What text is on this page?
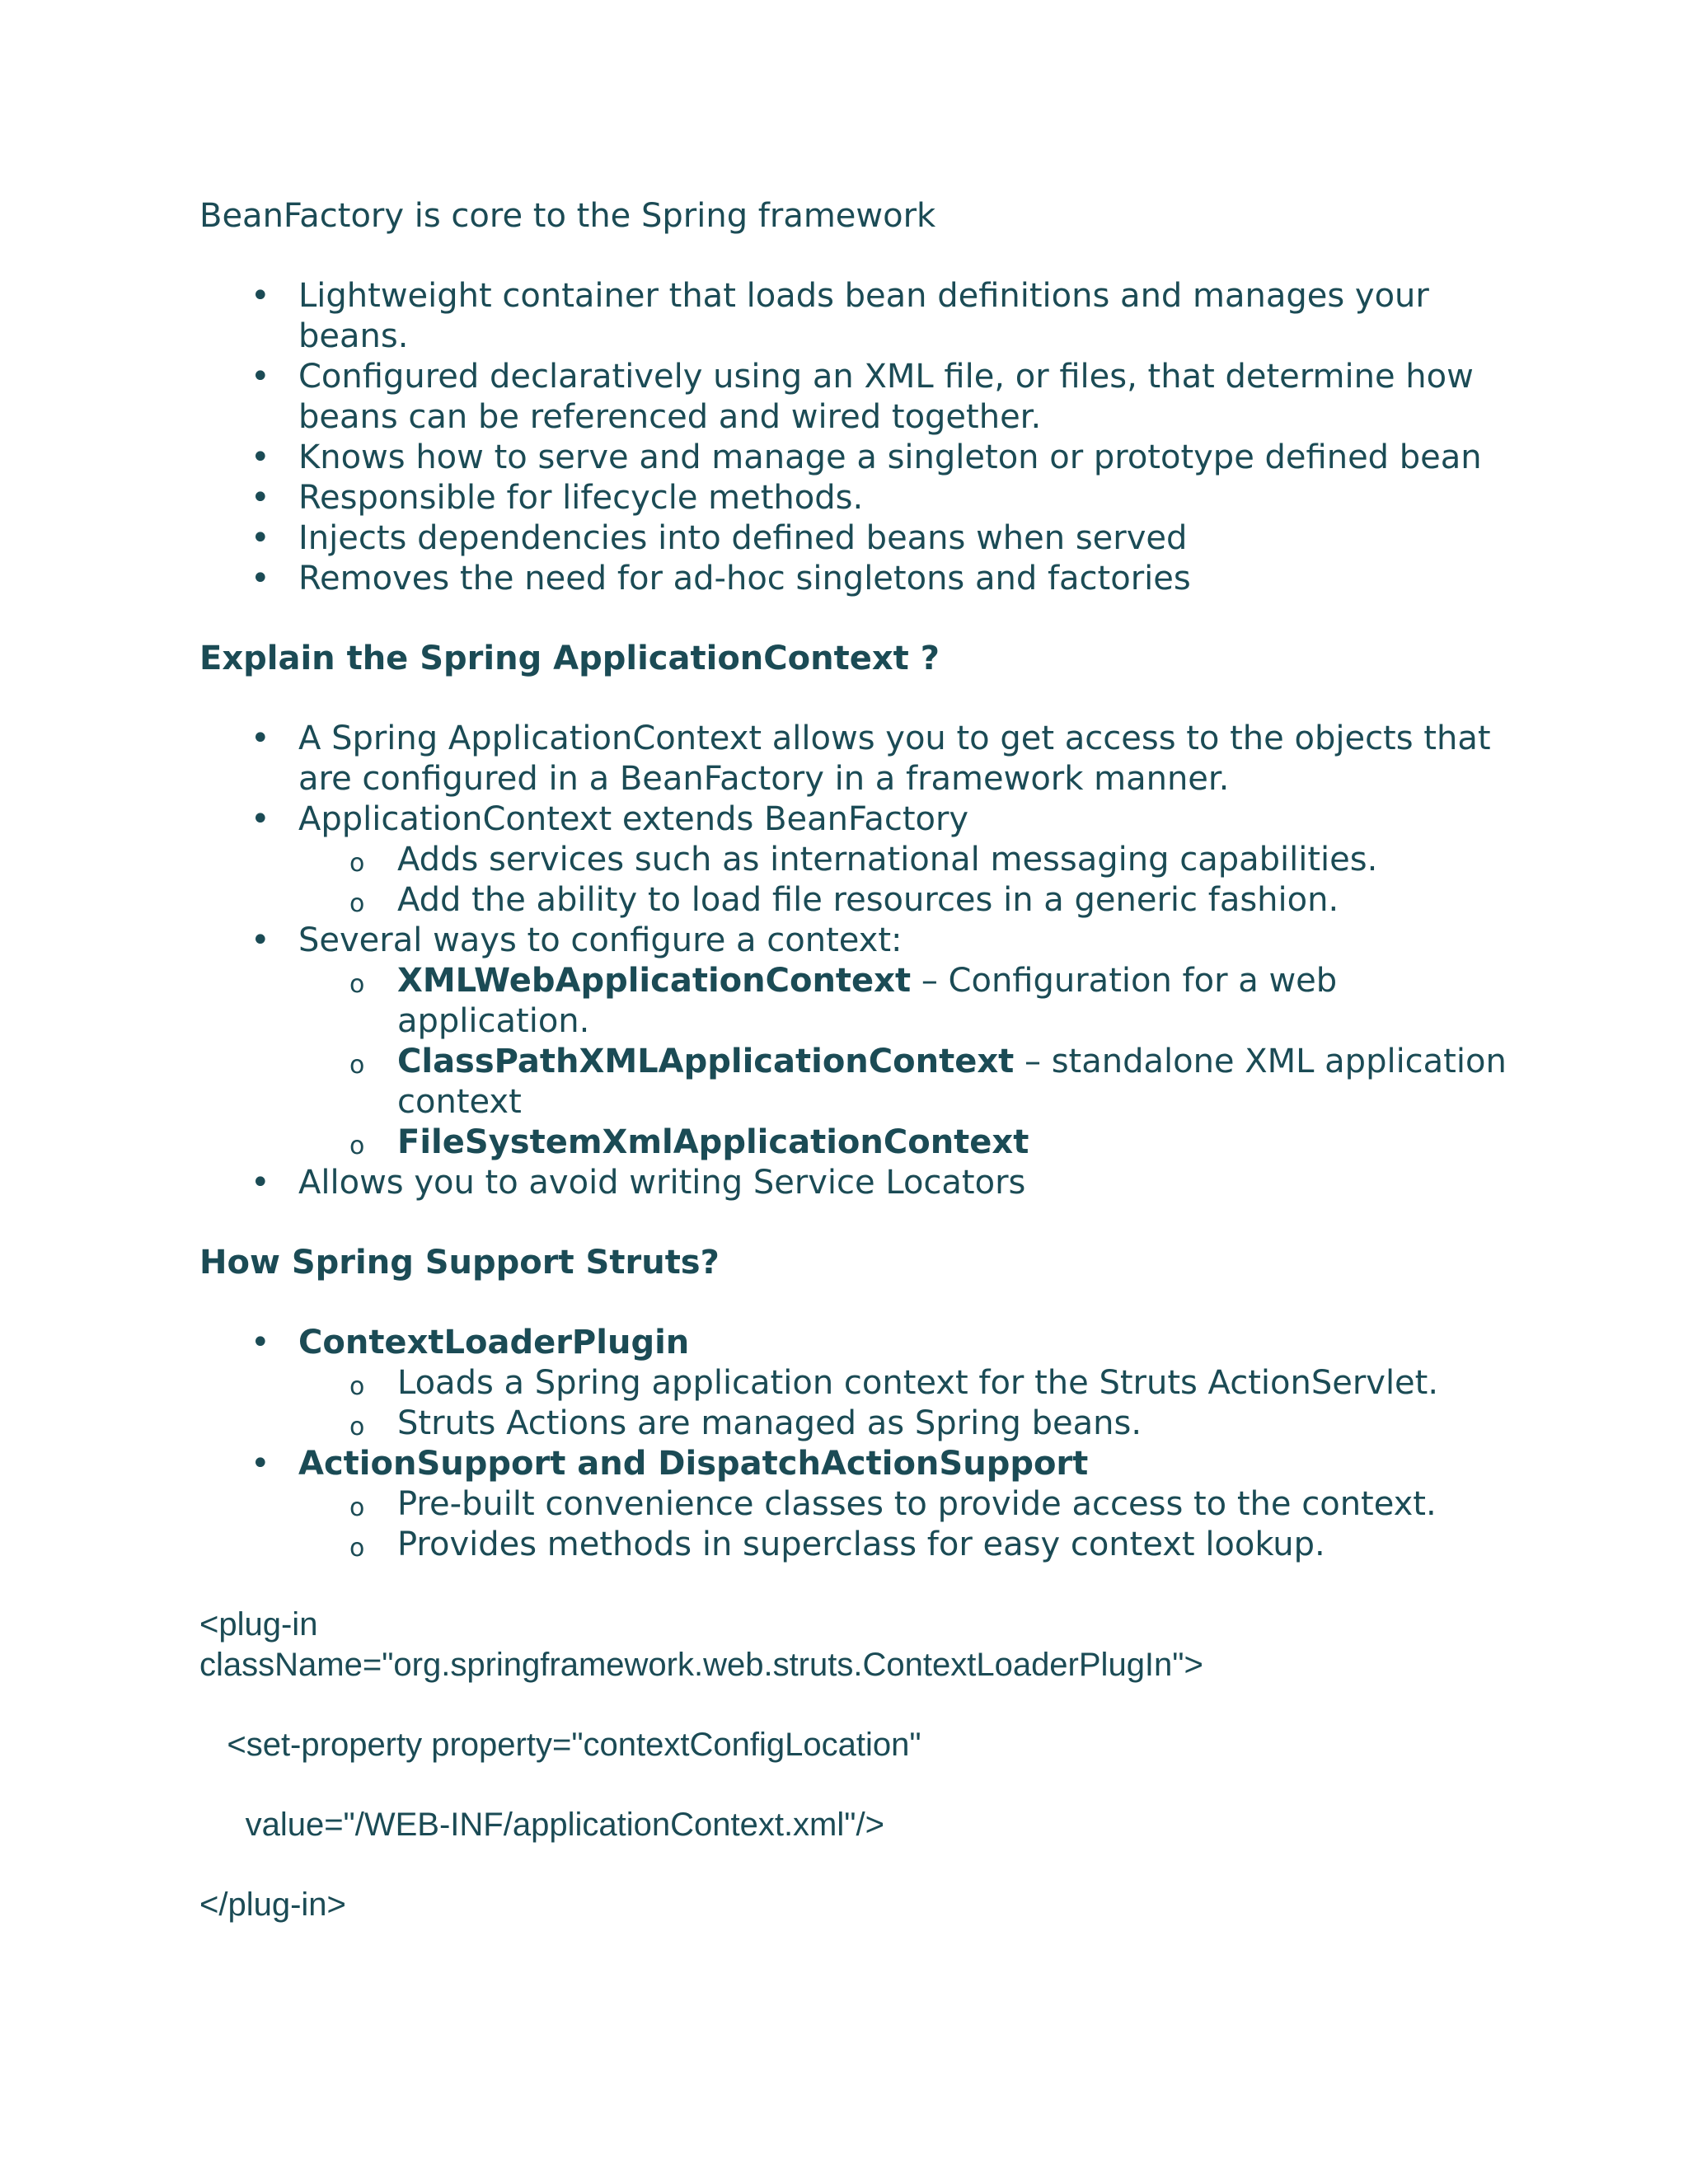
BeanFactory is core to the Spring framework

• Lightweight container that loads bean definitions and manages your beans.
• Configured declaratively using an XML file, or files, that determine how beans can be referenced and wired together.
• Knows how to serve and manage a singleton or prototype defined bean
• Responsible for lifecycle methods.
• Injects dependencies into defined beans when served
• Removes the need for ad-hoc singletons and factories

Explain the Spring ApplicationContext ?

• A Spring ApplicationContext allows you to get access to the objects that are configured in a BeanFactory in a framework manner.
• ApplicationContext extends BeanFactory
o Adds services such as international messaging capabilities.
o Add the ability to load file resources in a generic fashion.
• Several ways to configure a context:
o XMLWebApplicationContext – Configuration for a web application.
o ClassPathXMLApplicationContext – standalone XML application context
o FileSystemXmlApplicationContext
• Allows you to avoid writing Service Locators

How Spring Support Struts?

• ContextLoaderPlugin
o Loads a Spring application context for the Struts ActionServlet.
o Struts Actions are managed as Spring beans.
• ActionSupport and DispatchActionSupport
o Pre-built convenience classes to provide access to the context.
o Provides methods in superclass for easy context lookup.
<plug-in
className="org.springframework.web.struts.ContextLoaderPlugIn">
<set-property property="contextConfigLocation"
value="/WEB-INF/applicationContext.xml"/>
</plug-in>
